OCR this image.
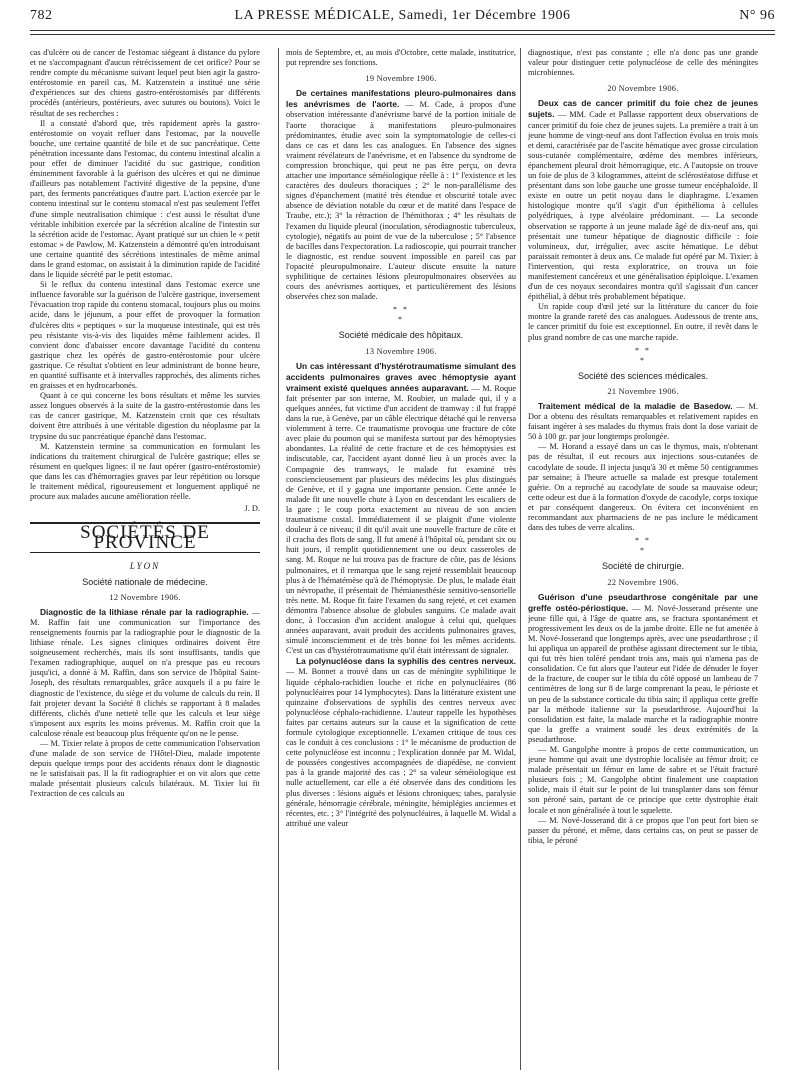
782	LA PRESSE MÉDICALE, Samedi, 1er Décembre 1906	N° 96

cas d'ulcère ou de cancer de l'estomac siégeant à distance du pylore et ne s'accompagnant d'aucun rétrécissement de cet orifice? Pour se rendre compte du mécanisme suivant lequel peut bien agir la gastro-entérostomie en pareil cas, M. Katzenstein a institué une série d'expériences sur des chiens gastro-entérostomisés par différents procédés (antérieurs, postérieurs, avec sutures ou boutons). Voici le résultat de ses recherches :

Il a constaté d'abord que, très rapidement après la gastro-entérostomie on voyait refluer dans l'estomac, par la nouvelle bouche, une certaine quantité de bile et de suc pancréatique. Cette pénétration incessante dans l'estomac, du contenu intestinal alcalin a pour effet de diminuer l'acidité du suc gastrique, condition éminemment favorable à la guérison des ulcères et qui ne diminue d'ailleurs pas notablement l'activité digestive de la pepsine, d'une part, des ferments pancréatiques d'autre part. L'action exercée par le contenu intestinal sur le contenu stomacal n'est pas seulement l'effet d'une simple neutralisation chimique : c'est aussi le résultat d'une véritable inhibition exercée par la sécrétion alcaline de l'intestin sur la sécrétion acide de l'estomac. Ayant pratiqué sur un chien le « petit estomac » de Pawlow, M. Katzenstein a démontré qu'en introduisant une certaine quantité des sécrétions intestinales de même animal dans le grand estomac, on assistait à la diminution rapide de l'acidité dans le liquide sécrété par le petit estomac.

Si le reflux du contenu intestinal dans l'estomac exerce une influence favorable sur la guérison de l'ulcère gastrique, inversement l'évacuation trop rapide du contenu stomacal, toujours plus ou moins acide, dans le jéjunum, a pour effet de provoquer la formation d'ulcères dits « peptiques » sur la muqueuse intestinale, qui est très peu résistante vis-à-vis des liquides même faiblement acides. Il convient donc d'abaisser encore davantage l'acidité du contenu gastrique chez les opérés de gastro-entérostomie pour ulcère gastrique. Ce résultat s'obtient en leur administrant de bonne heure, en quantité suffisante et à intervalles rapprochés, des aliments riches en graisses et en hydrocarbonés.

Quant à ce qui concerne les bons résultats et même les survies assez longues observés à la suite de la gastro-entérostomie dans les cas de cancer gastrique, M. Katzenstein croit que ces résultats doivent être attribués à une véritable digestion du néoplasme par la trypsine du suc pancréatique épanché dans l'estomac.

M. Katzenstein termine sa communication en formulant les indications du traitement chirurgical de l'ulcère gastrique; elles se résument en quelques lignes: il ne faut opérer (gastro-entérostomie) que dans les cas d'hémorragies graves par leur répétition ou lorsque le traitement médical, rigoureusement et longuement appliqué ne procure aux malades aucune amélioration réelle.

J. D.
SOCIÉTÉS DE PROVINCE
LYON
Société nationale de médecine.
12 Novembre 1906.

Diagnostic de la lithiase rénale par la radiographie. — M. Raffin fait une communication sur l'importance des renseignements fournis par la radiographie pour le diagnostic de la lithiase rénale. Les signes cliniques ordinaires doivent être soigneusement recherchés, mais ils sont insuffisants, tandis que l'examen radiographique, auquel on n'a presque pas eu recours jusqu'ici, a donné à M. Raffin, dans son service de l'hôpital Saint-Joseph, des résultats remarquables, grâce auxquels il a pu faire le diagnostic de l'existence, du siège et du volume de calculs du rein. Il fait projeter devant la Société 8 clichés se rapportant à 8 malades différents, clichés d'une netteté telle que les calculs et leur siège s'imposent aux esprits les moins prévenus. M. Raffin croit que la calculose rénale est beaucoup plus fréquente qu'on ne le pense.

— M. Tixier relate à propos de cette communication l'observation d'une malade de son service de l'Hôtel-Dieu, malade impotente depuis quelque temps pour des accidents rénaux dont le diagnostic ne le satisfaisait pas. Il la fit radiographier et on vit alors que cette malade présentait plusieurs calculs bilatéraux. M. Tixier lui fit l'extraction de ces calculs au

mois de Septembre, et, au mois d'Octobre, cette malade, institutrice, put reprendre ses fonctions.

19 Novembre 1906.

De certaines manifestations pleuro-pulmonaires dans les anévrismes de l'aorte. — M. Cade, à propos d'une observation intéressante d'anévrisme barvé de la portion initiale de l'aorte thoracique à manifestations pleuro-pulmonaires prédominantes, étudie avec soin la symptomatologie de celles-ci dans ce cas et dans les cas analogues. En l'absence des signes vraiment révélateurs de l'anévrisme, et en l'absence du syndrome de compression bronchique, qui peut ne pas être perçu, on devra attacher une importance séméiologique réelle à : 1° l'existence et les caractères des douleurs thoraciques ; 2° le non-parallélisme des signes d'épanchement (matité très étendue et obscurité totale avec absence de déviation notable du cœur et de matité dans l'espace de Traube, etc.); 3° la rétraction de l'hémithorax ; 4° les résultats de l'examen du liquide pleural (inoculation, sérodiagnostic tuberculeux, cytologie), négatifs au point de vue de la tuberculose ; 5° l'absence de bacilles dans l'expectoration. La radioscopie, qui pourrait trancher le diagnostic, est rendue souvent impossible en pareil cas par l'opacité pleuropulmonaire. L'auteur discute ensuite la nature syphilitique de certaines lésions pleuropulmonaires observées au cours des anévrismes aortiques, et particulièrement des lésions observées chez son malade.

* *
*
Société médicale des hôpitaux.
13 Novembre 1906.

Un cas intéressant d'hystérotraumatisme simulant des accidents pulmonaires graves avec hémoptysie ayant vraiment existé quelques années auparavant. — M. Roque fait présenter par son interne, M. Roubier, un malade qui, il y a quelques années, fut victime d'un accident de tramway : il fut frappé dans la rue, à Genève, par un câble électrique détaché qui le renversa violemment à terre. Ce traumatisme provoqua une fracture de côte avec plaie du poumon qui se manifesta surtout par des hémoptysies abondantes. La réalité de cette fracture et de ces hémoptysies est indiscutable, car, l'accident ayant donné lieu à un procès avec la Compagnie des tramways, le malade fut examiné très consciencieusement par plusieurs des médecins les plus distingués de Genève, et il y gagna une importante pension. Cette année le malade fit une nouvelle chute à Lyon en descendant les escaliers de la gare ; le coup porta exactement au niveau de son ancien traumatisme costal. Immédiatement il se plaignit d'une violente douleur à ce niveau; il dit qu'il avait une nouvelle fracture de côte et il cracha des flots de sang. Il fut amené à l'hôpital où, pendant six ou huit jours, il remplit quotidiennement une ou deux casseroles de sang. M. Roque ne lui trouva pas de fracture de côte, pas de lésions pulmonaires, et il remarqua que le sang rejeté ressemblait beaucoup plus à de l'hématémèse qu'à de l'hémoptysie. De plus, le malade était un névropathe, il présentait de l'hémianesthésie sensitivo-sensorielle très nette. M. Roque fit faire l'examen du sang rejeté, et cet examen démontra l'absence absolue de globules sanguins. Ce malade avait donc, à l'occasion d'un accident analogue à celui qui, quelques années auparavant, avait produit des accidents pulmonaires graves, simulé inconsciemment et de très bonne foi les mêmes accidents. C'est un cas d'hystérotraumatisme qu'il était intéressant de signaler.

La polynucléose dans la syphilis des centres nerveux. — M. Bonnet a trouvé dans un cas de méningite syphilitique le liquide céphalo-rachidien louche et riche en polynucléaires (86 polynucléaires pour 14 lymphocytes). Dans la littérature existent une quinzaine d'observations de syphilis des centres nerveux avec polynucléose céphalo-rachidienne. L'auteur rappelle les hypothèses faites par certains auteurs sur la cause et la signification de cette formule cytologique exceptionnelle. L'examen critique de tous ces cas le conduit à ces conclusions : 1° le mécanisme de production de cette polynucléose est inconnu ; l'explication donnée par M. Widal, de poussées congestives accompagnées de diapédèse, ne convient pas à la grande majorité des cas ; 2° sa valeur séméiologique est nulle actuellement, car elle a été observée dans des conditions les plus diverses : lésions aiguës et lésions chroniques; tabes, paralysie générale, hémorragie cérébrale, méningite, hémiplégies anciennes et récentes, etc. ; 3° l'intégrité des polynucléaires, à laquelle M. Widal a attribué une valeur

diagnostique, n'est pas constante ; elle n'a donc pas une grande valeur pour distinguer cette polynucléose de celle des méningites microbiennes.

20 Novembre 1906.

Deux cas de cancer primitif du foie chez de jeunes sujets. — MM. Cade et Pallasse rapportent deux observations de cancer primitif du foie chez de jeunes sujets. La première a trait à un jeune homme de vingt-neuf ans dont l'affection évolua en trois mois et demi, caractérisée par de l'ascite hématique avec grosse circulation sous-cutanée complémentaire, œdème des membres inférieurs, épanchement pleural droit hémorragique, etc. A l'autopsie on trouve un foie de plus de 3 kilogrammes, atteint de sclérostéatose diffuse et présentant dans son lobe gauche une grosse tumeur encéphaloïde. Il existe en outre un petit noyau dans le diaphragme. L'examen histologique montre qu'il s'agit d'un épithélioma à cellules polyédriques, à type alvéolaire prédominant. — La seconde observation se rapporte à un jeune malade âgé de dix-neuf ans, qui présentait une tumeur hépatique de diagnostic difficile : foie volumineux, dur, irrégulier, avec ascite hématique. Le début paraissait remonter à deux ans. Ce malade fut opéré par M. Tixier: à l'intervention, qui resta exploratrice, on trouva un foie manifestement cancéreux et une généralisation épiploïque. L'examen d'un de ces noyaux secondaires montra qu'il s'agissait d'un cancer épithélial, à début très probablement hépatique.

Un rapide coup d'œil jeté sur la littérature du cancer du foie montre la grande rareté des cas analogues. Audessous de trente ans, le cancer primitif du foie est exceptionnel. En outre, il revêt dans le plus grand nombre de cas une marche rapide.

* *
*
Société des sciences médicales.
21 Novembre 1906.

Traitement médical de la maladie de Basedow. — M. Dor a obtenu des résultats remarquables et relativement rapides en faisant ingérer à ses malades du thymus frais dont la dose variait de 50 à 100 gr. par jour longtemps prolongée.

— M. Horand a essayé dans un cas le thymus, mais, n'obtenant pas de résultat, il eut recours aux injections sous-cutanées de cacodylate de soude. Il injecta jusqu'à 30 et même 50 centigrammes par semaine; à l'heure actuelle sa malade est presque totalement guérie. On a reproché au cacodylate de soude sa mauvaise odeur; cette odeur est due à la formation d'oxyde de cacodyle, corps toxique et par conséquent dangereux. On évitera cet inconvénient en recommandant aux pharmaciens de ne pas inclure le médicament dans des tubes de verre alcalins.

* *
*
Société de chirurgie.
22 Novembre 1906.

Guérison d'une pseudarthrose congénitale par une greffe ostéo-périostique. — M. Nové-Josserand présente une jeune fille qui, à l'âge de quatre ans, se fractura spontanément et progressivement les deux os de la jambe droite. Elle ne fut amenée à M. Nové-Josserand que longtemps après, avec une pseudarthrose ; il lui appliqua un appareil de prothèse agissant directement sur le tibia, qui fut très bien toléré pendant trois ans, mais qui n'amena pas de consolidation. Ce fut alors que l'auteur eut l'idée de dénuder le foyer de la fracture, de couper sur le tibia du côté opposé un lambeau de 7 centimètres de long sur 8 de large comprenant la peau, le périoste et un peu de la substance corticale du tibia sain; il appliqua cette greffe par la méthode italienne sur la pseudarthrose. Aujourd'hui la consolidation est faite, la malade marche et la radiographie montre que la greffe a vraiment soudé les deux extrémités de la pseudarthrose.

— M. Gangolphe montre à propos de cette communication, un jeune homme qui avait une dystrophie localisée au fémur droit; ce malade présentait un fémur en lame de sabre et se l'était fracturé plusieurs fois ; M. Gangolphe obtint finalement une coaptation solide, mais il était sur le point de lui transplanter dans son fémur son péroné sain, partant de ce principe que cette dystrophie était locale et non généralisée à tout le squelette.

— M. Nové-Josserand dit à ce propos que l'on peut fort bien se passer du péroné, et même, dans certains cas, on peut se passer de tibia, le péroné
